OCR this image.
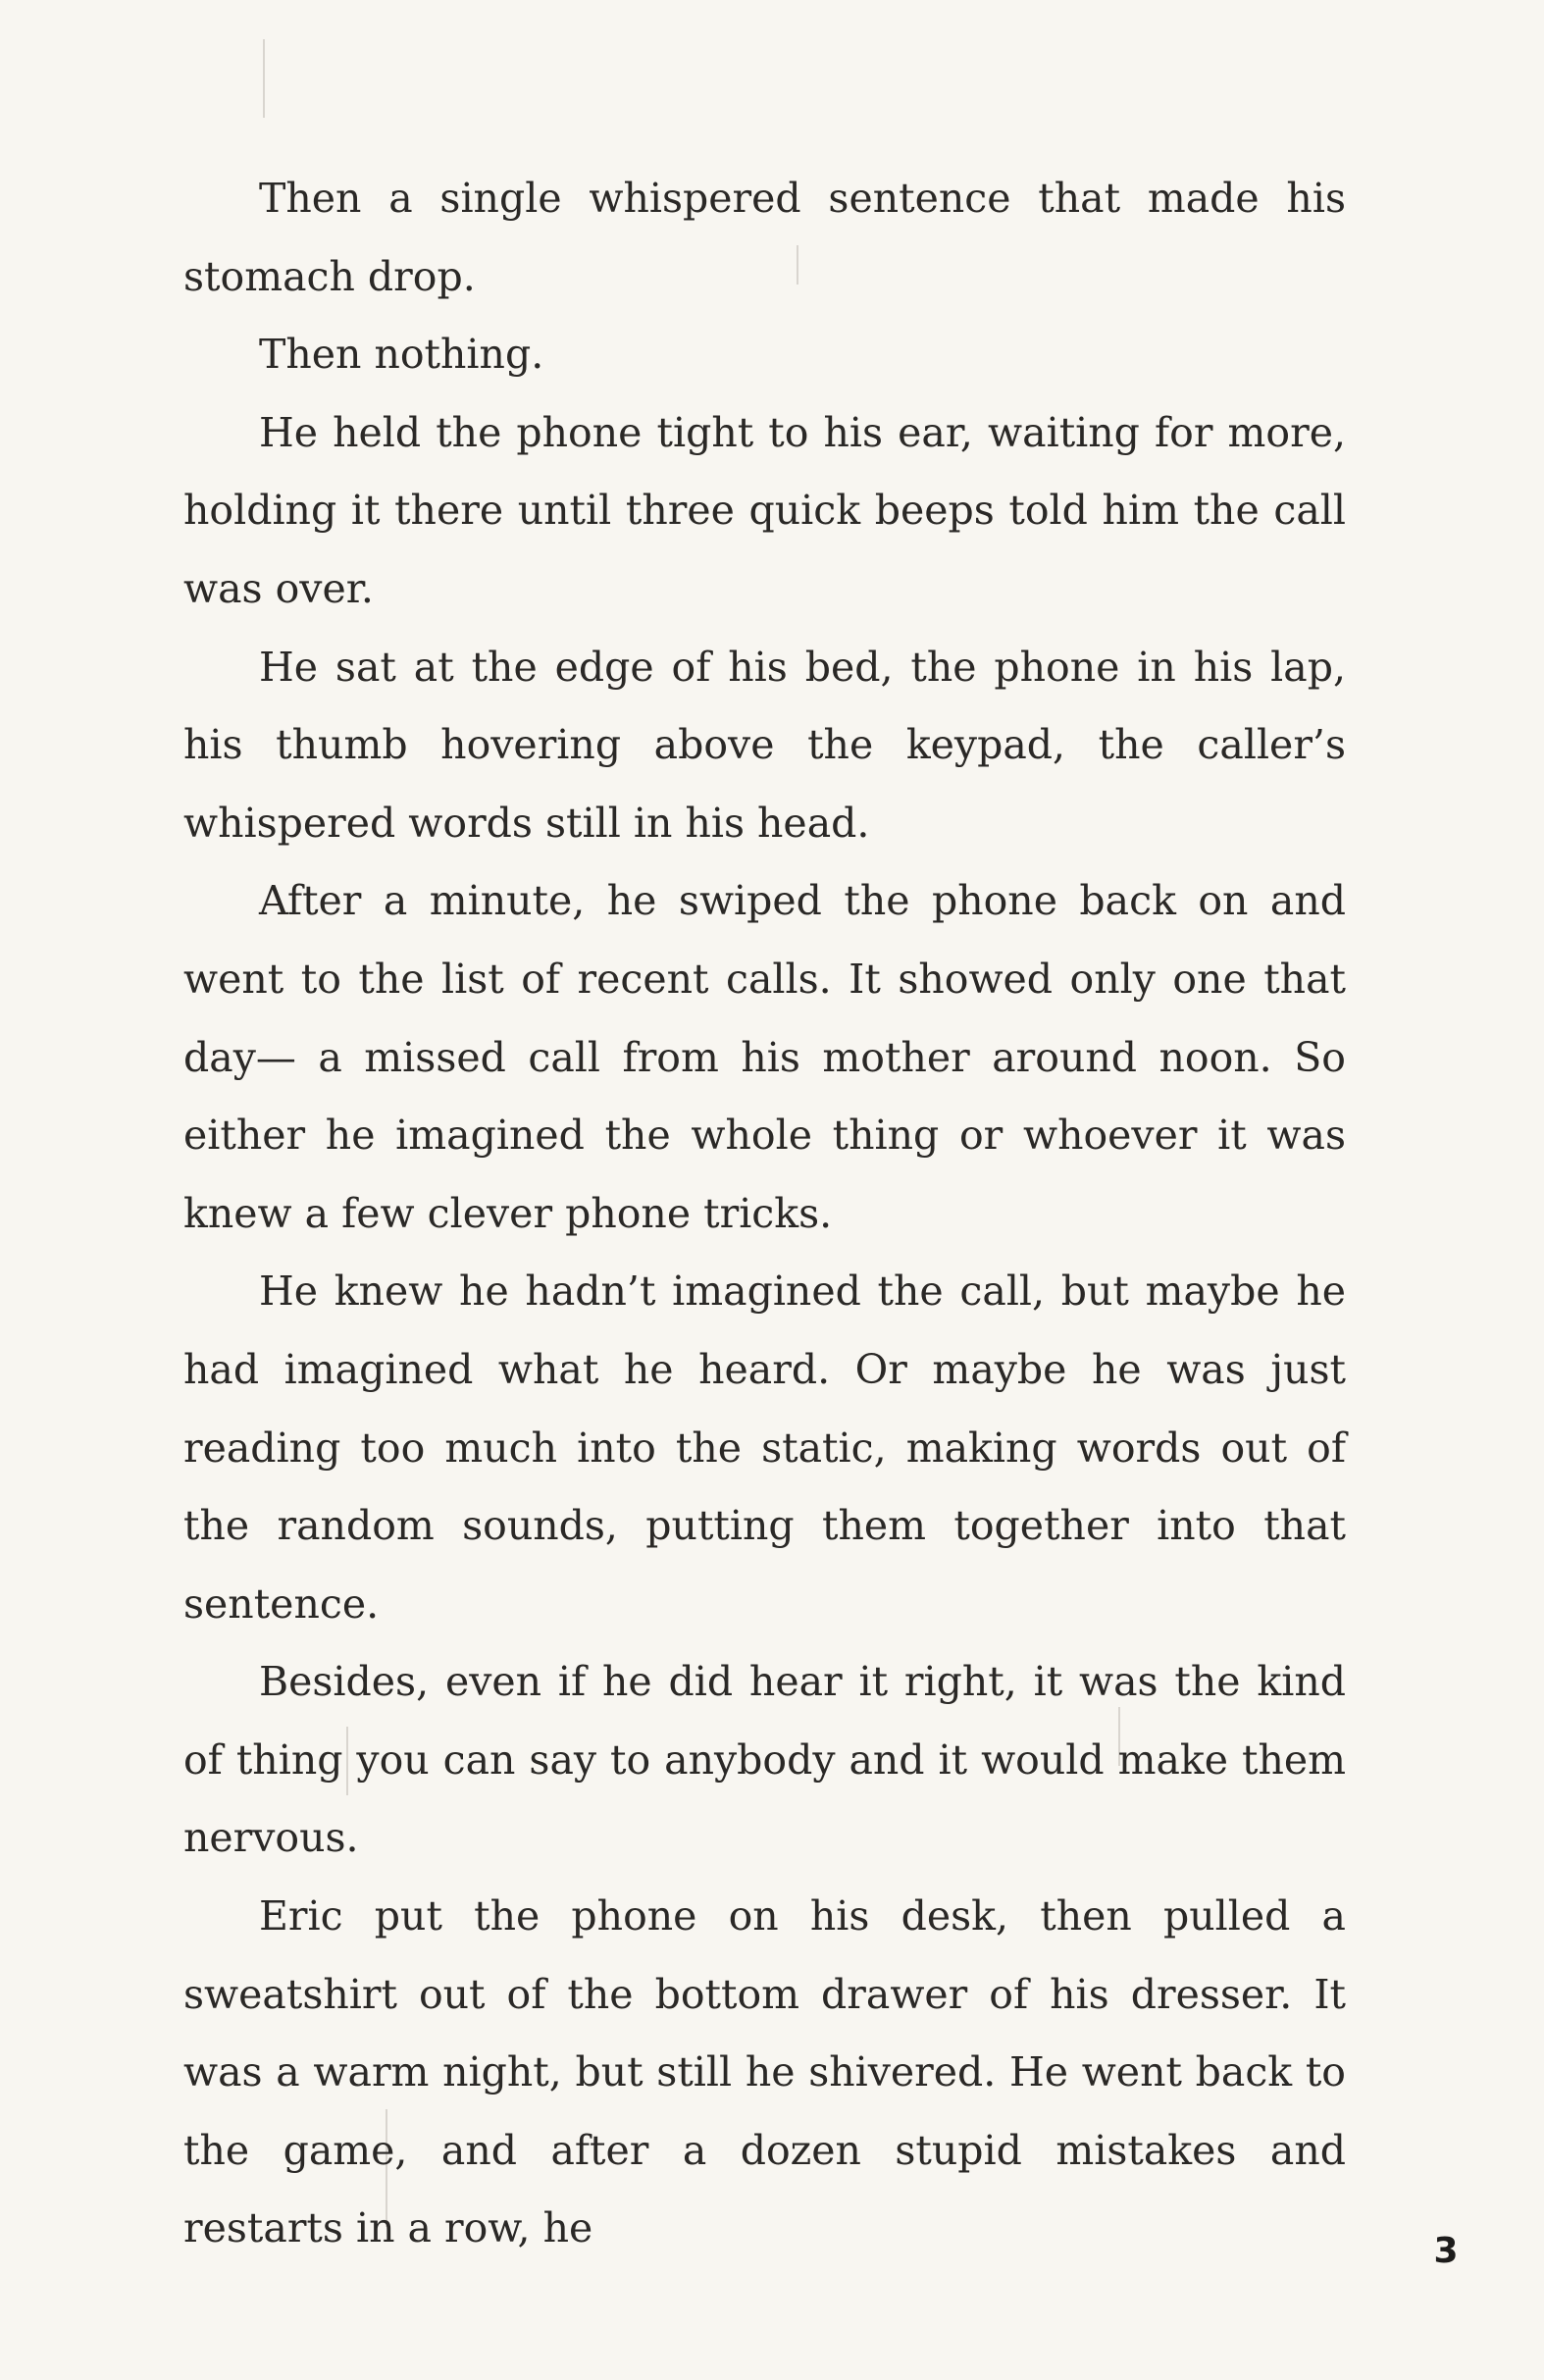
Then a single whispered sentence that made his stomach drop.

Then nothing.

He held the phone tight to his ear, waiting for more, holding it there until three quick beeps told him the call was over.

He sat at the edge of his bed, the phone in his lap, his thumb hovering above the keypad, the caller’s whispered words still in his head.

After a minute, he swiped the phone back on and went to the list of recent calls. It showed only one that day— a missed call from his mother around noon. So either he imagined the whole thing or whoever it was knew a few clever phone tricks.

He knew he hadn’t imagined the call, but maybe he had imagined what he heard. Or maybe he was just reading too much into the static, making words out of the random sounds, putting them together into that sentence.

Besides, even if he did hear it right, it was the kind of thing you can say to anybody and it would make them nervous.

Eric put the phone on his desk, then pulled a sweatshirt out of the bottom drawer of his dresser. It was a warm night, but still he shivered. He went back to the game, and after a dozen stupid mistakes and restarts in a row, he	3
